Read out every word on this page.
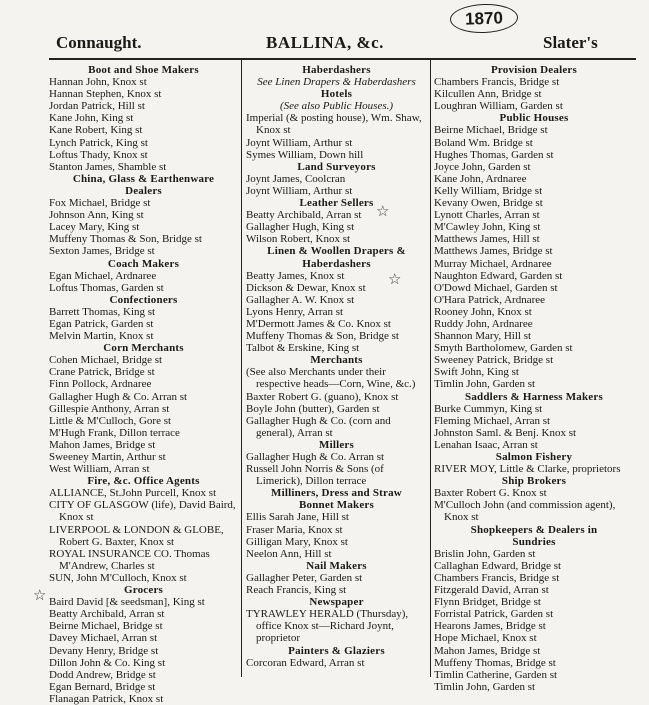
1870
Connaught.	BALLINA, &c.	Slater's
Boot and Shoe Makers
Hannan John, Knox st
Hannan Stephen, Knox st
Jordan Patrick, Hill st
Kane John, King st
Kane Robert, King st
Lynch Patrick, King st
Loftus Thady, Knox st
Stanton James, Shamble st
China, Glass & Earthenware
Dealers
Fox Michael, Bridge st
Johnson Ann, King st
Lacey Mary, King st
Muffeny Thomas & Son, Bridge st
Sexton James, Bridge st
Coach Makers
Egan Michael, Ardnaree
Loftus Thomas, Garden st
Confectioners
Barrett Thomas, King st
Egan Patrick, Garden st
Melvin Martin, Knox st
Corn Merchants
Cohen Michael, Bridge st
Crane Patrick, Bridge st
Finn Pollock, Ardnaree
Gallagher Hugh & Co. Arran st
Gillespie Anthony, Arran st
Little & M'Culloch, Gore st
M'Hugh Frank, Dillon terrace
Mahon James, Bridge st
Sweeney Martin, Arthur st
West William, Arran st
Fire, &c. Office Agents
ALLIANCE, St.John Purcell, Knox st
CITY OF GLASGOW (life), David Baird, Knox st
LIVERPOOL & LONDON & GLOBE, Robert G. Baxter, Knox st
ROYAL INSURANCE CO. Thomas M'Andrew, Charles st
SUN, John M'Culloch, Knox st
Grocers
Baird David [& seedsman], King st
Beatty Archibald, Arran st
Beirne Michael, Bridge st
Davey Michael, Arran st
Devany Henry, Bridge st
Dillon John & Co. King st
Dodd Andrew, Bridge st
Egan Bernard, Bridge st
Flanagan Patrick, Knox st
Haberdashers
See Linen Drapers & Haberdashers
Hotels
(See also Public Houses.)
Imperial (& posting house), Wm. Shaw, Knox st
Joynt William, Arthur st
Symes William, Down hill
Land Surveyors
Joynt James, Coolcran
Joynt William, Arthur st
Leather Sellers
Beatty Archibald, Arran st
Gallagher Hugh, King st
Wilson Robert, Knox st
Linen & Woollen Drapers &
Haberdashers
Beatty James, Knox st
Dickson & Dewar, Knox st
Gallagher A. W. Knox st
Lyons Henry, Arran st
M'Dermott James & Co. Knox st
Muffeny Thomas & Son, Bridge st
Talbot & Erskine, King st
Merchants
(See also Merchants under their respective heads—Corn, Wine, &c.)
Baxter Robert G. (guano), Knox st
Boyle John (butter), Garden st
Gallagher Hugh & Co. (corn and general), Arran st
Millers
Gallagher Hugh & Co. Arran st
Russell John Norris & Sons (of Limerick), Dillon terrace
Milliners, Dress and Straw
Bonnet Makers
Ellis Sarah Jane, Hill st
Fraser Maria, Knox st
Gilligan Mary, Knox st
Neelon Ann, Hill st
Nail Makers
Gallagher Peter, Garden st
Reach Francis, King st
Newspaper
TYRAWLEY HERALD (Thursday), office Knox st—Richard Joynt, proprietor
Painters & Glaziers
Corcoran Edward, Arran st
Provision Dealers
Chambers Francis, Bridge st
Kilcullen Ann, Bridge st
Loughran William, Garden st
Public Houses
Beirne Michael, Bridge st
Boland Wm. Bridge st
Hughes Thomas, Garden st
Joyce John, Garden st
Kane John, Ardnaree
Kelly William, Bridge st
Kevany Owen, Bridge st
Lynott Charles, Arran st
M'Cawley John, King st
Matthews James, Hill st
Matthews James, Bridge st
Murray Michael, Ardnaree
Naughton Edward, Garden st
O'Dowd Michael, Garden st
O'Hara Patrick, Ardnaree
Rooney John, Knox st
Ruddy John, Ardnaree
Shannon Mary, Hill st
Smyth Bartholomew, Garden st
Sweeney Patrick, Bridge st
Swift John, King st
Timlin John, Garden st
Saddlers & Harness Makers
Burke Cummyn, King st
Fleming Michael, Arran st
Johnston Saml. & Benj. Knox st
Lenahan Isaac, Arran st
Salmon Fishery
RIVER MOY, Little & Clarke, proprietors
Ship Brokers
Baxter Robert G. Knox st
M'Culloch John (and commission agent), Knox st
Shopkeepers & Dealers in
Sundries
Brislin John, Garden st
Callaghan Edward, Bridge st
Chambers Francis, Bridge st
Fitzgerald David, Arran st
Flynn Bridget, Bridge st
Forristal Patrick, Garden st
Hearons James, Bridge st
Hope Michael, Knox st
Mahon James, Bridge st
Muffeny Thomas, Bridge st
Timlin Catherine, Garden st
Timlin John, Garden st
☆
☆
☆
